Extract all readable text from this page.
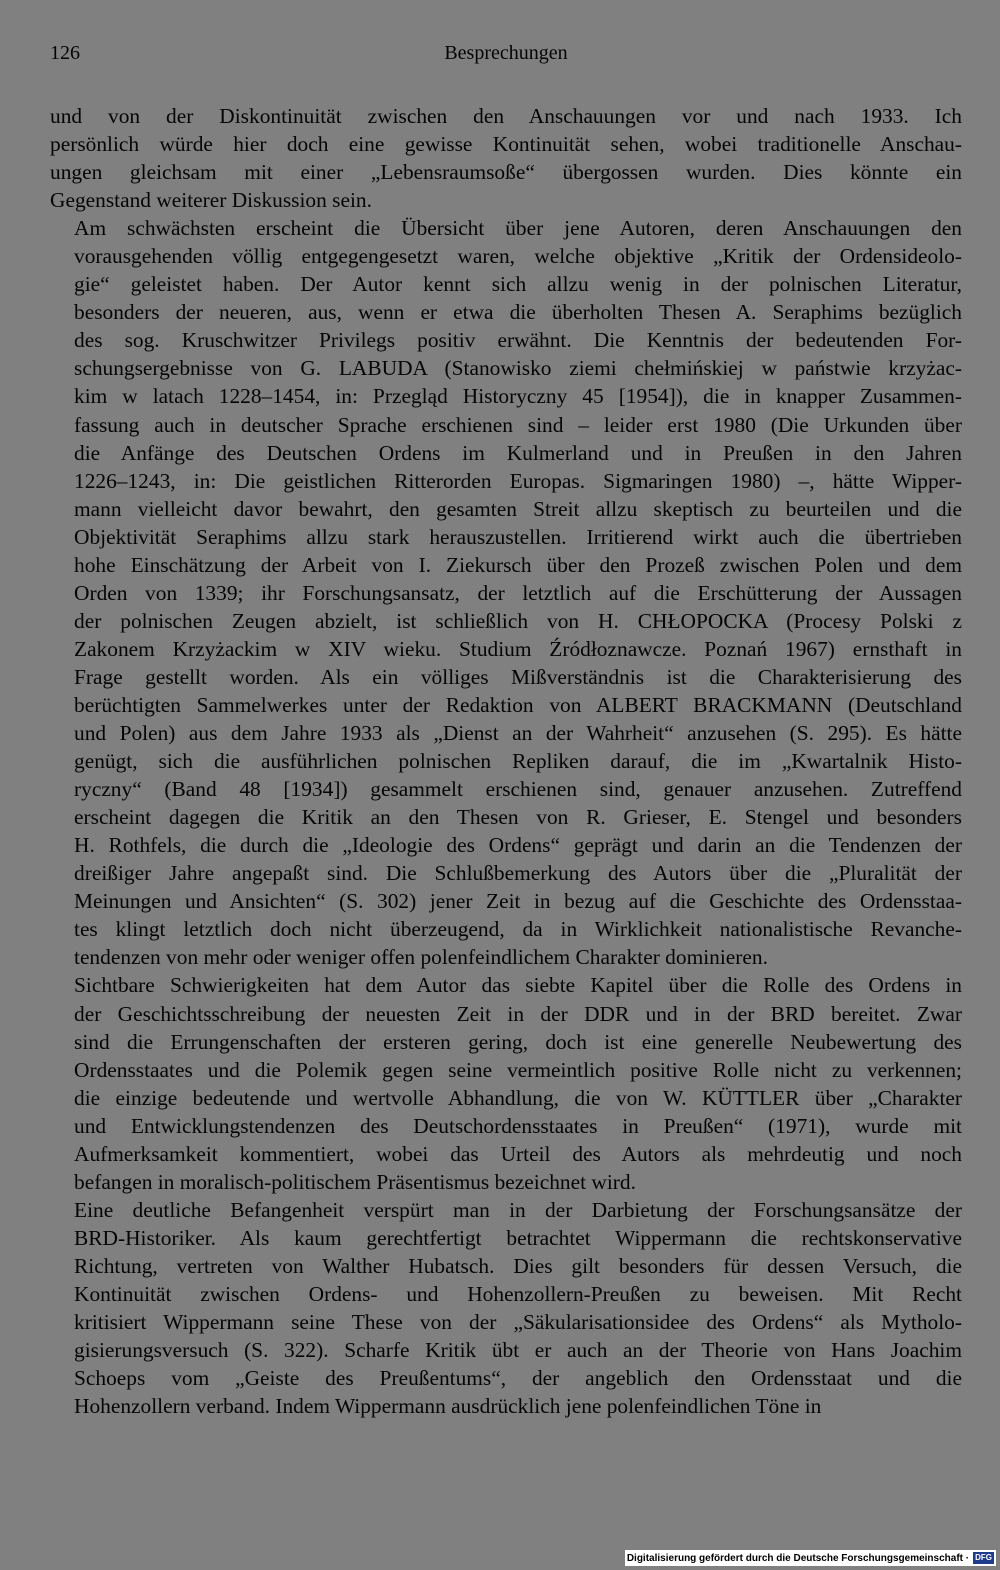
126	Besprechungen

und von der Diskontinuität zwischen den Anschauungen vor und nach 1933. Ich
persönlich würde hier doch eine gewisse Kontinuität sehen, wobei traditionelle Anschau-
ungen gleichsam mit einer „Lebensraumsoße“ übergossen wurden. Dies könnte ein
Gegenstand weiterer Diskussion sein.

Am schwächsten erscheint die Übersicht über jene Autoren, deren Anschauungen den
vorausgehenden völlig entgegengesetzt waren, welche objektive „Kritik der Ordensideolo-
gie“ geleistet haben. Der Autor kennt sich allzu wenig in der polnischen Literatur,
besonders der neueren, aus, wenn er etwa die überholten Thesen A. Seraphims bezüglich
des sog. Kruschwitzer Privilegs positiv erwähnt. Die Kenntnis der bedeutenden For-
schungsergebnisse von G. LABUDA (Stanowisko ziemi chełmińskiej w państwie krzyżac-
kim w latach 1228–1454, in: Przegląd Historyczny 45 [1954]), die in knapper Zusammen-
fassung auch in deutscher Sprache erschienen sind – leider erst 1980 (Die Urkunden über
die Anfänge des Deutschen Ordens im Kulmerland und in Preußen in den Jahren
1226–1243, in: Die geistlichen Ritterorden Europas. Sigmaringen 1980) –, hätte Wipper-
mann vielleicht davor bewahrt, den gesamten Streit allzu skeptisch zu beurteilen und die
Objektivität Seraphims allzu stark herauszustellen. Irritierend wirkt auch die übertrieben
hohe Einschätzung der Arbeit von I. Ziekursch über den Prozeß zwischen Polen und dem
Orden von 1339; ihr Forschungsansatz, der letztlich auf die Erschütterung der Aussagen
der polnischen Zeugen abzielt, ist schließlich von H. CHŁOPOCKA (Procesy Polski z
Zakonem Krzyżackim w XIV wieku. Studium Źródłoznawcze. Poznań 1967) ernsthaft in
Frage gestellt worden. Als ein völliges Mißverständnis ist die Charakterisierung des
berüchtigten Sammelwerkes unter der Redaktion von ALBERT BRACKMANN (Deutschland
und Polen) aus dem Jahre 1933 als „Dienst an der Wahrheit“ anzusehen (S. 295). Es hätte
genügt, sich die ausführlichen polnischen Repliken darauf, die im „Kwartalnik Histo-
ryczny“ (Band 48 [1934]) gesammelt erschienen sind, genauer anzusehen. Zutreffend
erscheint dagegen die Kritik an den Thesen von R. Grieser, E. Stengel und besonders
H. Rothfels, die durch die „Ideologie des Ordens“ geprägt und darin an die Tendenzen der
dreißiger Jahre angepaßt sind. Die Schlußbemerkung des Autors über die „Pluralität der
Meinungen und Ansichten“ (S. 302) jener Zeit in bezug auf die Geschichte des Ordensstaa-
tes klingt letztlich doch nicht überzeugend, da in Wirklichkeit nationalistische Revanche-
tendenzen von mehr oder weniger offen polenfeindlichem Charakter dominieren.

Sichtbare Schwierigkeiten hat dem Autor das siebte Kapitel über die Rolle des Ordens in
der Geschichtsschreibung der neuesten Zeit in der DDR und in der BRD bereitet. Zwar
sind die Errungenschaften der ersteren gering, doch ist eine generelle Neubewertung des
Ordensstaates und die Polemik gegen seine vermeintlich positive Rolle nicht zu verkennen;
die einzige bedeutende und wertvolle Abhandlung, die von W. KÜTTLER über „Charakter
und Entwicklungstendenzen des Deutschordensstaates in Preußen“ (1971), wurde mit
Aufmerksamkeit kommentiert, wobei das Urteil des Autors als mehrdeutig und noch
befangen in moralisch-politischem Präsentismus bezeichnet wird.

Eine deutliche Befangenheit verspürt man in der Darbietung der Forschungsansätze der
BRD-Historiker. Als kaum gerechtfertigt betrachtet Wippermann die rechtskonservative
Richtung, vertreten von Walther Hubatsch. Dies gilt besonders für dessen Versuch, die
Kontinuität zwischen Ordens- und Hohenzollern-Preußen zu beweisen. Mit Recht
kritisiert Wippermann seine These von der „Säkularisationsidee des Ordens“ als Mytholo-
gisierungsversuch (S. 322). Scharfe Kritik übt er auch an der Theorie von Hans Joachim
Schoeps vom „Geiste des Preußentums“, der angeblich den Ordensstaat und die
Hohenzollern verband. Indem Wippermann ausdrücklich jene polenfeindlichen Töne in

Digitalisierung gefördert durch die Deutsche Forschungsgemeinschaft · DFG
